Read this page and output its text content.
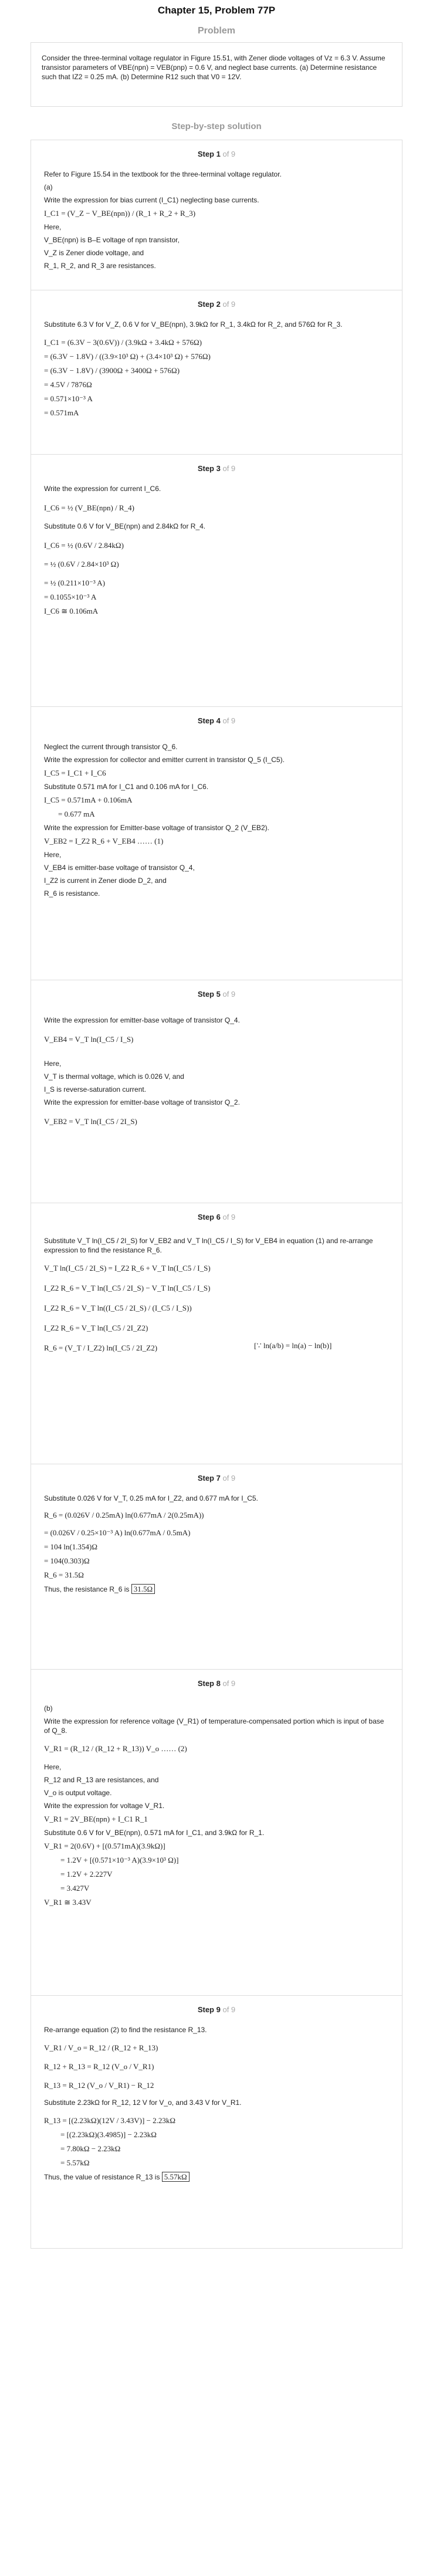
Chapter 15, Problem 77P
Problem
Consider the three-terminal voltage regulator in Figure 15.51, with Zener diode voltages of Vz = 6.3 V. Assume transistor parameters of VBE(npn) = VEB(pnp) = 0.6 V, and neglect base currents. (a) Determine resistance such that IZ2 = 0.25 mA. (b) Determine R12 such that V0 = 12V.
Step-by-step solution
Step 1 of 9
Refer to Figure 15.54 in the textbook for the three-terminal voltage regulator.
(a)
Write the expression for bias current (I_C1) neglecting base currents.
I_C1 = (V_Z − V_BE(npn)) / (R_1 + R_2 + R_3)
Here,
V_BE(npn) is B–E voltage of npn transistor,
V_Z is Zener diode voltage, and
R_1, R_2, and R_3 are resistances.
Step 2 of 9
Substitute 6.3 V for V_Z, 0.6 V for V_BE(npn), 3.9kΩ for R_1, 3.4kΩ for R_2, and 576Ω for R_3.
I_C1 = (6.3V − 3(0.6V)) / (3.9kΩ + 3.4kΩ + 576Ω)
= (6.3V − 1.8V) / ((3.9×10³ Ω) + (3.4×10³ Ω) + 576Ω)
= (6.3V − 1.8V) / (3900Ω + 3400Ω + 576Ω)
= 4.5V / 7876Ω
= 0.571×10⁻³ A
= 0.571mA
Step 3 of 9
Write the expression for current I_C6.
I_C6 = ½ (V_BE(npn) / R_4)
Substitute 0.6 V for V_BE(npn) and 2.84kΩ for R_4.
I_C6 = ½ (0.6V / 2.84kΩ)
= ½ (0.6V / 2.84×10³ Ω)
= ½ (0.211×10⁻³ A)
= 0.1055×10⁻³ A
I_C6 ≅ 0.106mA
Step 4 of 9
Neglect the current through transistor Q_6.
Write the expression for collector and emitter current in transistor Q_5 (I_C5).
I_C5 = I_C1 + I_C6
Substitute 0.571 mA for I_C1 and 0.106 mA for I_C6.
I_C5 = 0.571mA + 0.106mA
= 0.677 mA
Write the expression for Emitter-base voltage of transistor Q_2 (V_EB2).
V_EB2 = I_Z2 R_6 + V_EB4 …… (1)
Here,
V_EB4 is emitter-base voltage of transistor Q_4,
I_Z2 is current in Zener diode D_2, and
R_6 is resistance.
Step 5 of 9
Write the expression for emitter-base voltage of transistor Q_4.
V_EB4 = V_T ln(I_C5 / I_S)
Here,
V_T is thermal voltage, which is 0.026 V, and
I_S is reverse-saturation current.
Write the expression for emitter-base voltage of transistor Q_2.
V_EB2 = V_T ln(I_C5 / 2I_S)
Step 6 of 9
Substitute V_T ln(I_C5 / 2I_S) for V_EB2 and V_T ln(I_C5 / I_S) for V_EB4 in equation (1) and re-arrange expression to find the resistance R_6.
V_T ln(I_C5 / 2I_S) = I_Z2 R_6 + V_T ln(I_C5 / I_S)
I_Z2 R_6 = V_T ln(I_C5 / 2I_S) − V_T ln(I_C5 / I_S)
I_Z2 R_6 = V_T ln((I_C5 / 2I_S) / (I_C5 / I_S))
I_Z2 R_6 = V_T ln(I_C5 / 2I_Z2)
R_6 = (V_T / I_Z2) ln(I_C5 / 2I_Z2)	[∵ ln(a/b) = ln(a) − ln(b)]
Step 7 of 9
Substitute 0.026 V for V_T, 0.25 mA for I_Z2, and 0.677 mA for I_C5.
R_6 = (0.026V / 0.25mA) ln(0.677mA / 2(0.25mA))
= (0.026V / 0.25×10⁻³ A) ln(0.677mA / 0.5mA)
= 104 ln(1.354)Ω
= 104(0.303)Ω
R_6 = 31.5Ω
Thus, the resistance R_6 is 31.5Ω
Step 8 of 9
(b)
Write the expression for reference voltage (V_R1) of temperature-compensated portion which is input of base of Q_8.
V_R1 = (R_12 / (R_12 + R_13)) V_o …… (2)
Here,
R_12 and R_13 are resistances, and
V_o is output voltage.
Write the expression for voltage V_R1.
V_R1 = 2V_BE(npn) + I_C1 R_1
Substitute 0.6 V for V_BE(npn), 0.571 mA for I_C1, and 3.9kΩ for R_1.
V_R1 = 2(0.6V) + [(0.571mA)(3.9kΩ)]
= 1.2V + [(0.571×10⁻³ A)(3.9×10³ Ω)]
= 1.2V + 2.227V
= 3.427V
V_R1 ≅ 3.43V
Step 9 of 9
Re-arrange equation (2) to find the resistance R_13.
V_R1 / V_o = R_12 / (R_12 + R_13)
R_12 + R_13 = R_12 (V_o / V_R1)
R_13 = R_12 (V_o / V_R1) − R_12
Substitute 2.23kΩ for R_12, 12 V for V_o, and 3.43 V for V_R1.
R_13 = [(2.23kΩ)(12V / 3.43V)] − 2.23kΩ
= [(2.23kΩ)(3.4985)] − 2.23kΩ
= 7.80kΩ − 2.23kΩ
= 5.57kΩ
Thus, the value of resistance R_13 is 5.57kΩ
